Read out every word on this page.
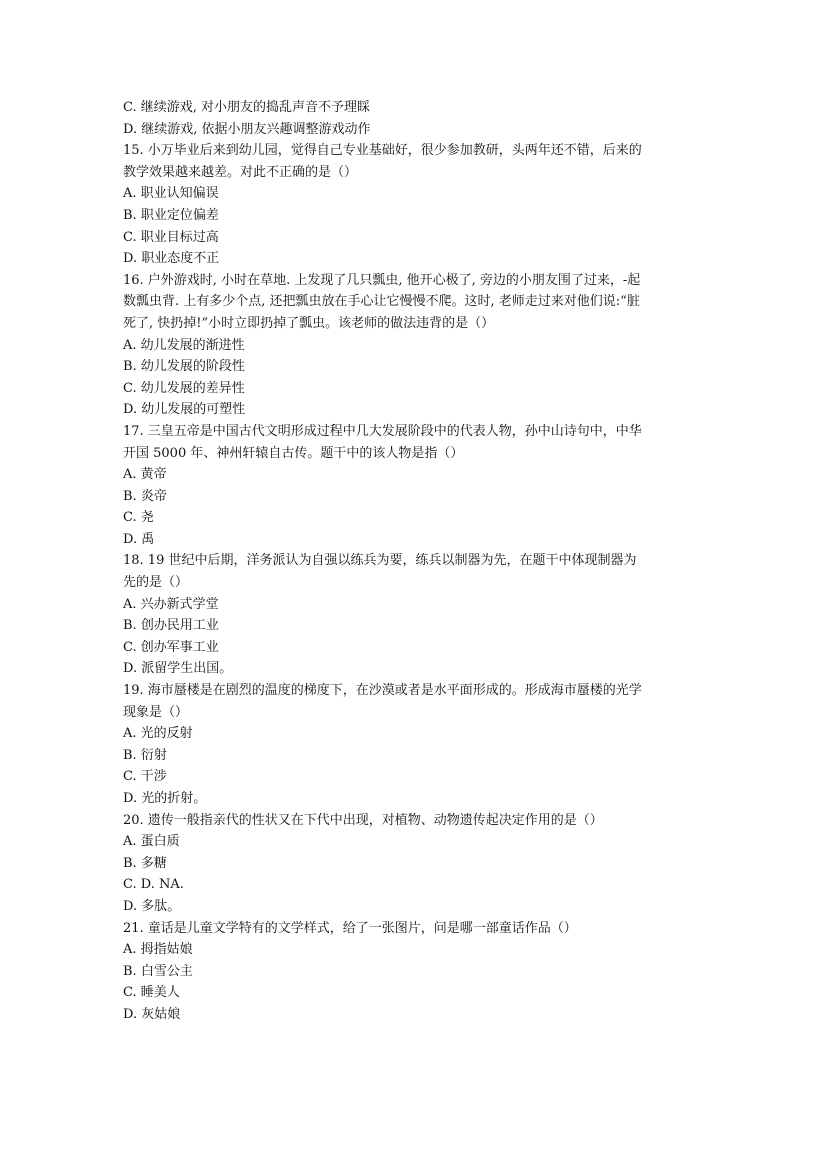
C. 继续游戏, 对小朋友的捣乱声音不予理睬
D. 继续游戏, 依据小朋友兴趣调整游戏动作
15. 小万毕业后来到幼儿园，觉得自己专业基础好，很少参加教研，头两年还不错，后来的
教学效果越来越差。对此不正确的是（）
A. 职业认知偏误
B. 职业定位偏差
C. 职业目标过高
D. 职业态度不正
16. 户外游戏时, 小时在草地. 上发现了几只瓢虫, 他开心极了, 旁边的小朋友围了过来，-起
数瓢虫背. 上有多少个点, 还把瓢虫放在手心让它慢慢不爬。这时, 老师走过来对他们说:“脏
死了, 快扔掉!”小时立即扔掉了瓢虫。该老师的做法违背的是（）
A. 幼儿发展的渐进性
B. 幼儿发展的阶段性
C. 幼儿发展的差异性
D. 幼儿发展的可塑性
17. 三皇五帝是中国古代文明形成过程中几大发展阶段中的代表人物，孙中山诗句中，中华
开国 5000 年、神州轩辕自古传。题干中的该人物是指（）
A. 黄帝
B. 炎帝
C. 尧
D. 禹
18. 19 世纪中后期，洋务派认为自强以练兵为要，练兵以制器为先，在题干中体现制器为
先的是（）
A. 兴办新式学堂
B. 创办民用工业
C. 创办军事工业
D. 派留学生出国。
19. 海市蜃楼是在剧烈的温度的梯度下，在沙漠或者是水平面形成的。形成海市蜃楼的光学
现象是（）
A. 光的反射
B. 衍射
C. 干涉
D. 光的折射。
20. 遗传一般指亲代的性状又在下代中出现，对植物、动物遗传起决定作用的是（）
A. 蛋白质
B. 多糖
C. D. NA.
D. 多肽。
21. 童话是儿童文学特有的文学样式，给了一张图片，问是哪一部童话作品（）
A. 拇指姑娘
B. 白雪公主
C. 睡美人
D. 灰姑娘
